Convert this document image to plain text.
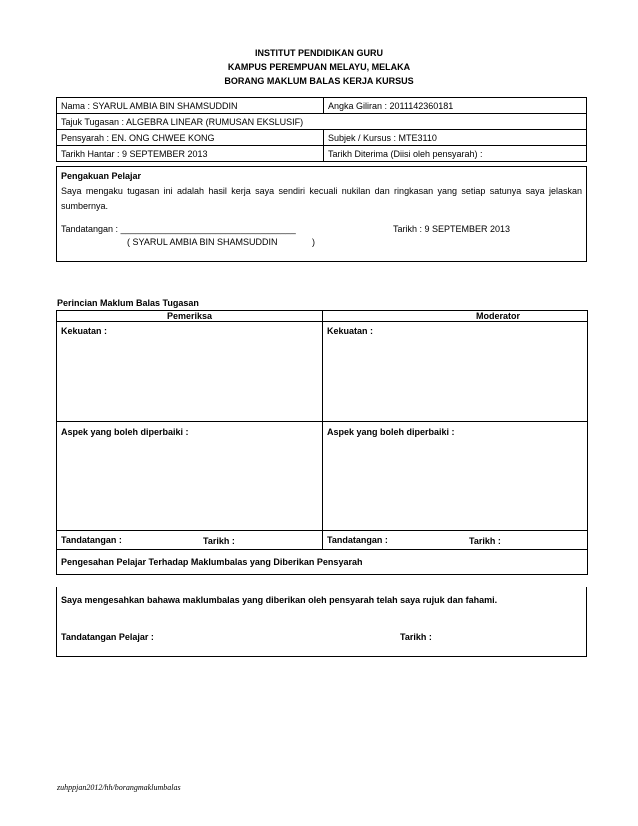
INSTITUT PENDIDIKAN GURU
KAMPUS PEREMPUAN MELAYU, MELAKA
BORANG MAKLUM BALAS KERJA KURSUS
Nama : SYARUL AMBIA BIN SHAMSUDDIN	Angka Giliran : 2011142360181
Tajuk Tugasan : ALGEBRA LINEAR (RUMUSAN EKSLUSIF)	
Pensyarah : EN. ONG CHWEE KONG	Subjek / Kursus : MTE3110
Tarikh Hantar : 9 SEPTEMBER 2013	Tarikh Diterima (Diisi oleh pensyarah) :
Pengakuan Pelajar
Saya mengaku tugasan ini adalah hasil kerja saya sendiri kecuali nukilan dan ringkasan yang setiap satunya saya jelaskan sumbernya.
Tandatangan : ___________________________________	Tarikh : 9 SEPTEMBER 2013
( SYARUL AMBIA BIN SHAMSUDDIN	)
Perincian Maklum Balas Tugasan
Pemeriksa	Moderator
Kekuatan :	Kekuatan :
Aspek yang boleh diperbaiki :	Aspek yang boleh diperbaiki :
Tandatangan : Tarikh :	Tandatangan : Tarikh :

Pengesahan Pelajar Terhadap Maklumbalas yang Diberikan Pensyarah	
Saya mengesahkan bahawa maklumbalas yang diberikan oleh pensyarah telah saya rujuk dan fahami.
Tandatangan Pelajar :	Tarikh :
zuhppjan2012/hh/borangmaklumbalas
